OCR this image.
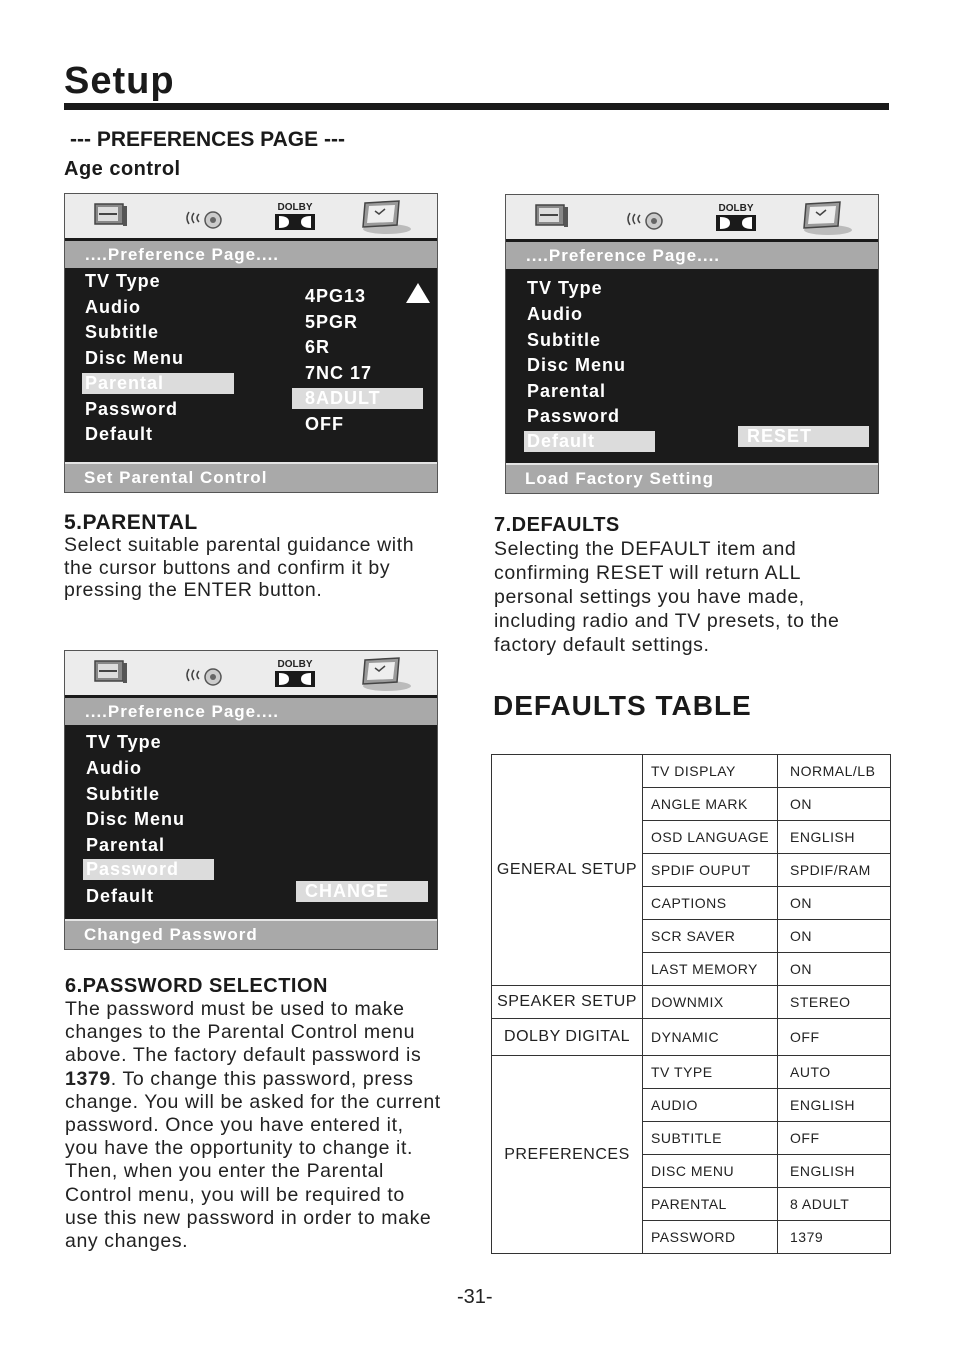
Setup
--- PREFERENCES PAGE ---
Age control
DOLBY
....Preference Page....
TV Type
Audio
Subtitle
Disc Menu
Parental
Password
Default
4PG13
5PGR
6R
7NC 17
8ADULT
OFF
Set Parental Control
DOLBY
....Preference Page....
TV Type
Audio
Subtitle
Disc Menu
Parental
Password
Default	RESET
Load Factory Setting
5.PARENTAL
Select suitable parental guidance with
the cursor buttons and confirm it by
pressing the ENTER button.
7.DEFAULTS
Selecting the DEFAULT item and
confirming RESET will return ALL
personal settings you have made,
including radio and TV presets, to the
factory default settings.
DOLBY
....Preference Page....
TV Type
Audio
Subtitle
Disc Menu
Parental
Password
Default	CHANGE
Changed Password
DEFAULTS TABLE
GENERAL SETUP	TV DISPLAY	NORMAL/LB
	ANGLE MARK	ON
	OSD LANGUAGE	ENGLISH
	SPDIF OUPUT	SPDIF/RAM
	CAPTIONS	ON
	SCR SAVER	ON
	LAST MEMORY	ON
SPEAKER SETUP	DOWNMIX	STEREO
DOLBY DIGITAL	DYNAMIC	OFF
PREFERENCES	TV TYPE	AUTO
	AUDIO	ENGLISH
	SUBTITLE	OFF
	DISC MENU	ENGLISH
	PARENTAL	8 ADULT
	PASSWORD	1379
6.PASSWORD SELECTION
The password must be used to make
changes to the Parental Control menu
above. The factory default password is
1379. To change this password, press
change. You will be asked for the current
password. Once you have entered it,
you have the opportunity to change it.
Then, when you enter the Parental
Control menu, you will be required to
use this new password in order to make
any changes.
-31-
